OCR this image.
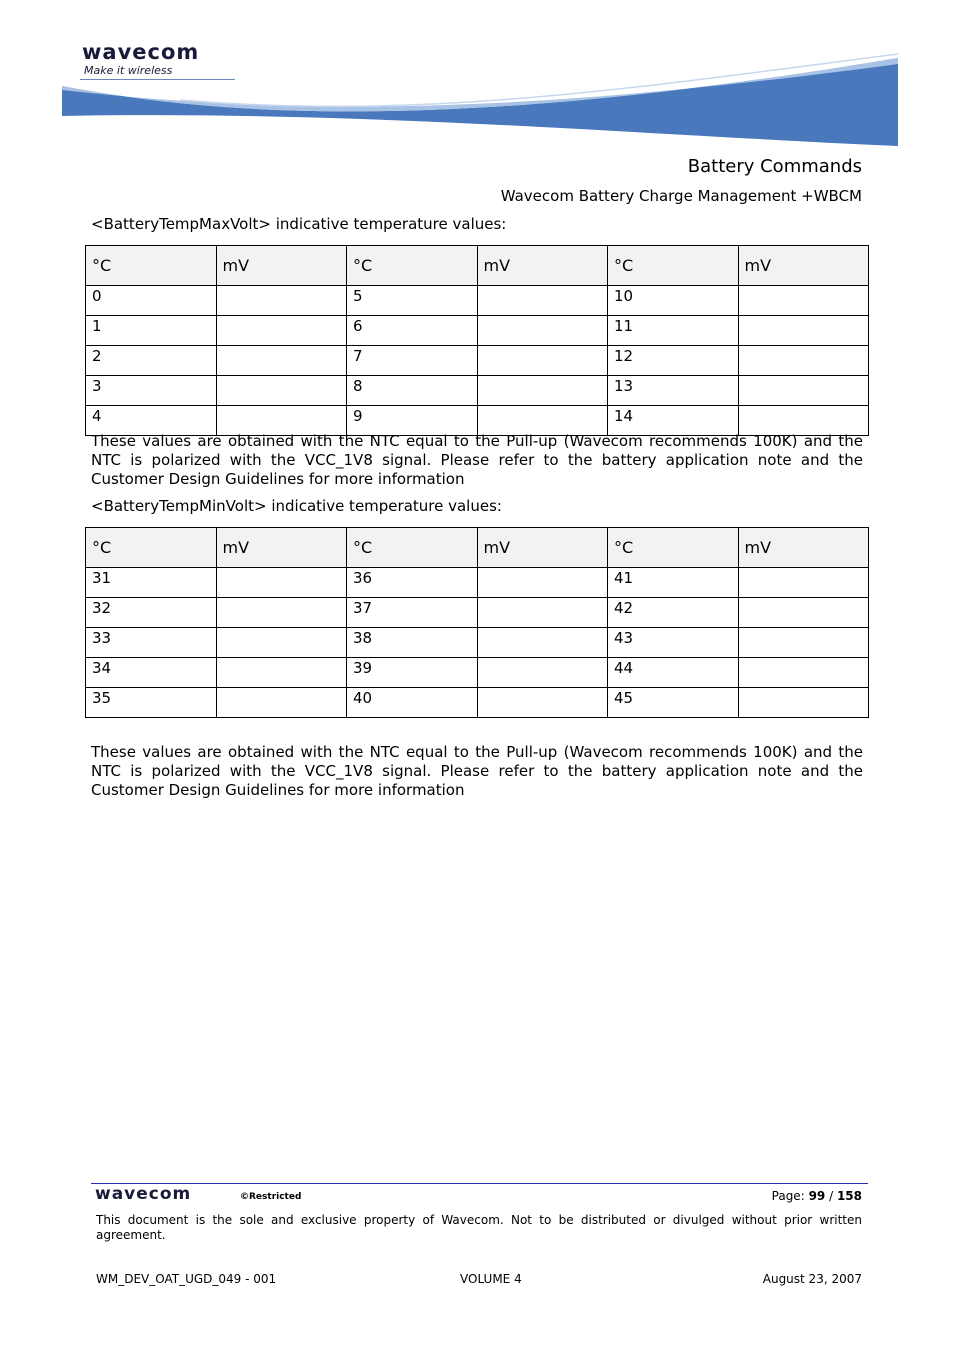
wavecom
Make it wireless
Battery Commands
Wavecom Battery Charge Management +WBCM
<BatteryTempMaxVolt> indicative temperature values:
°C	mV	°C	mV	°C	mV
0		5		10	
1		6		11	
2		7		12	
3		8		13	
4		9		14	
These values are obtained with the NTC equal to the Pull-up (Wavecom recommends 100K) and the NTC is polarized with the VCC_1V8 signal. Please refer to the battery application note and the Customer Design Guidelines for more information
<BatteryTempMinVolt> indicative temperature values:
°C	mV	°C	mV	°C	mV
31		36		41	
32		37		42	
33		38		43	
34		39		44	
35		40		45	
These values are obtained with the NTC equal to the Pull-up (Wavecom recommends 100K) and the NTC is polarized with the VCC_1V8 signal. Please refer to the battery application note and the Customer Design Guidelines for more information
wavecom	©Restricted	Page: 99 / 158
This document is the sole and exclusive property of Wavecom. Not to be distributed or divulged without prior written agreement.
WM_DEV_OAT_UGD_049 - 001	VOLUME 4	August 23, 2007
